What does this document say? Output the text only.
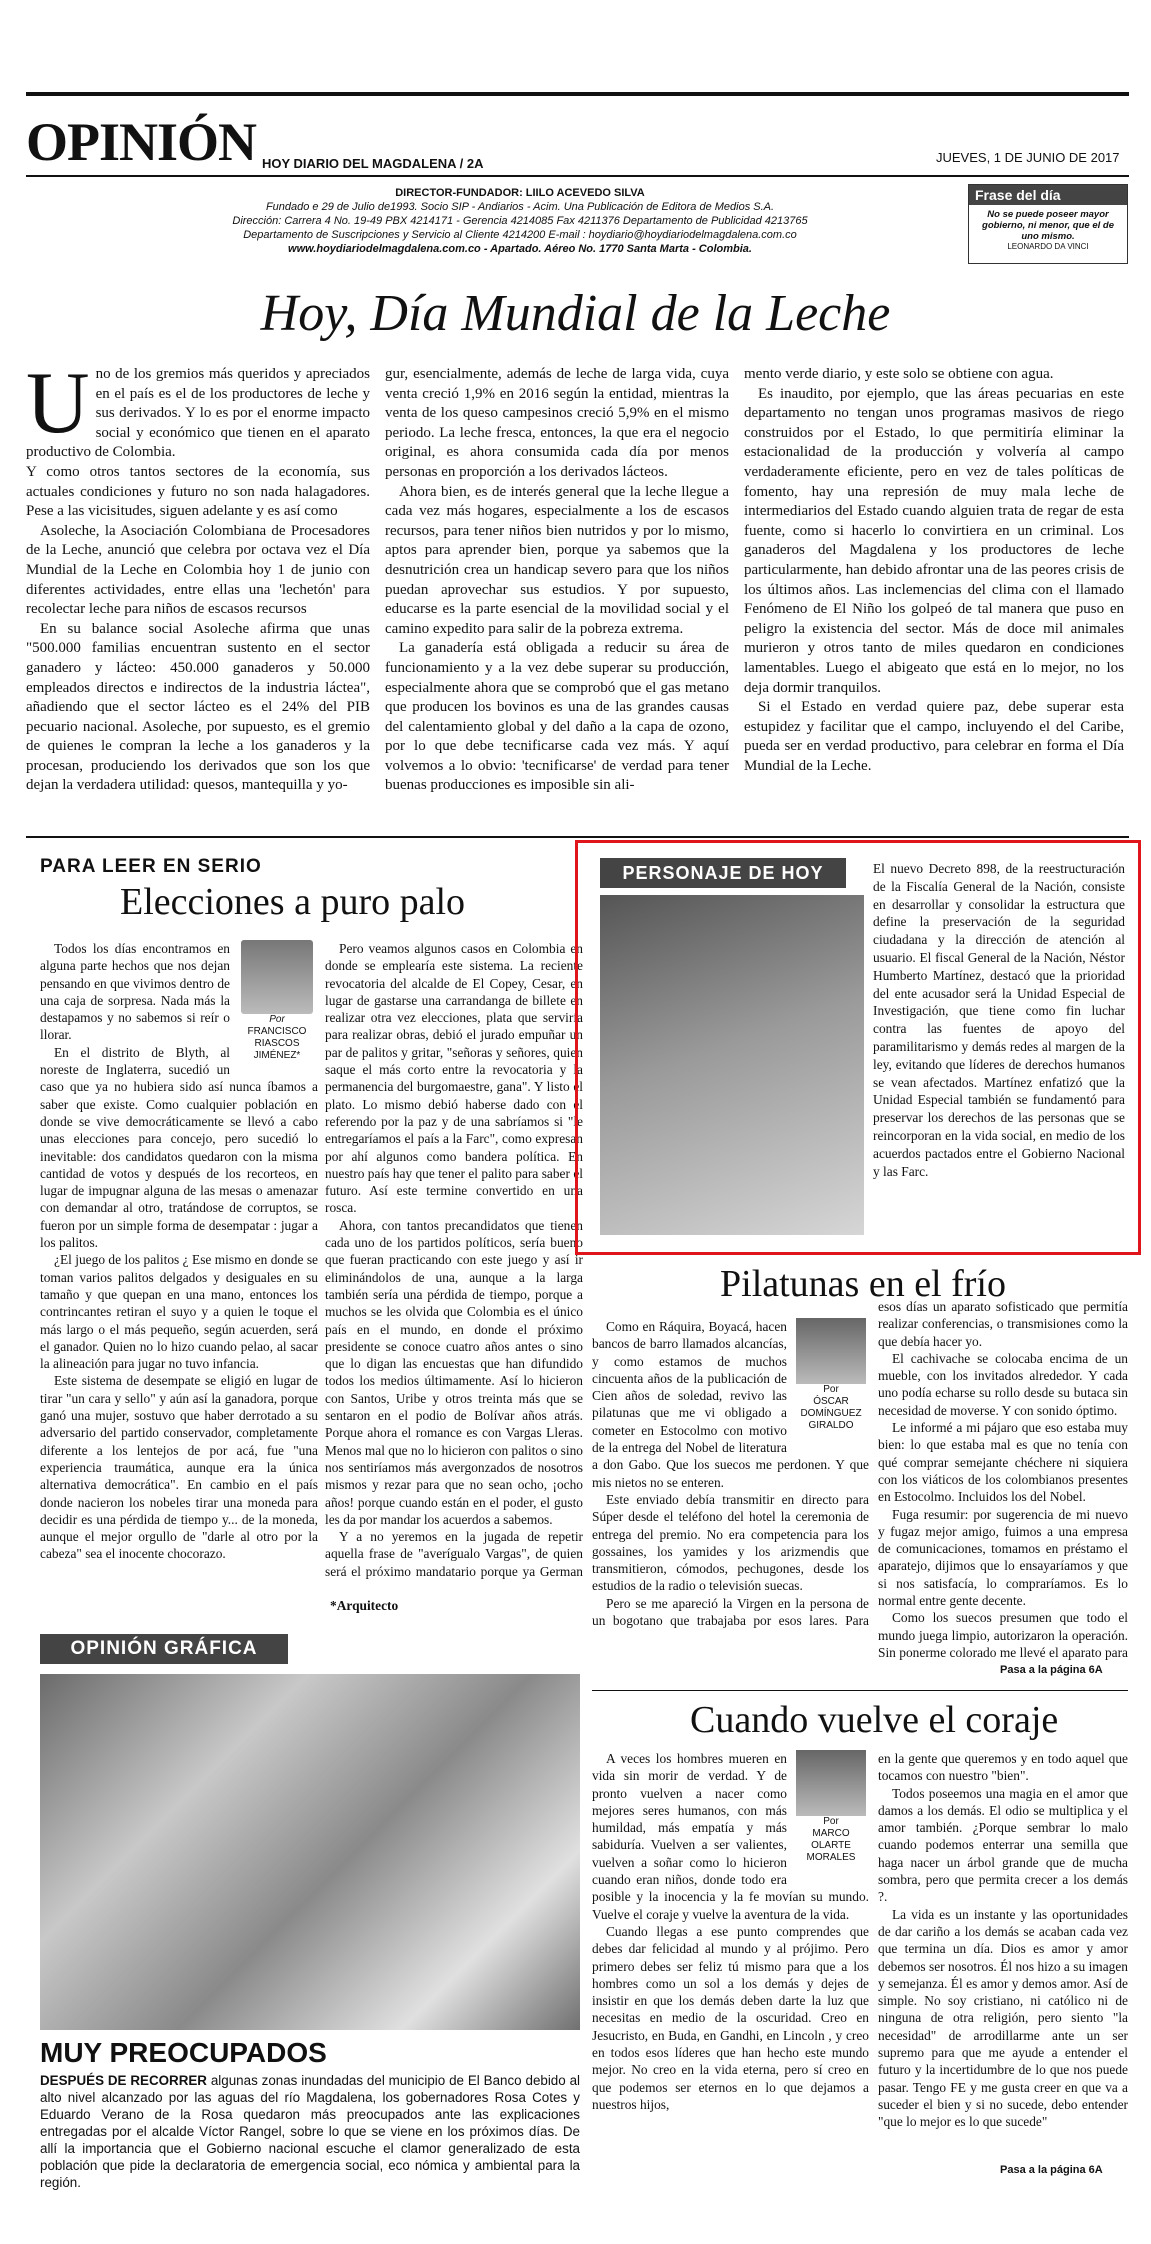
OPINIÓN HOY DIARIO DEL MAGDALENA / 2A	JUEVES, 1 DE JUNIO DE 2017
DIRECTOR-FUNDADOR: LIILO ACEVEDO SILVA
Fundado e 29 de Julio de1993. Socio SIP - Andiarios - Acim. Una Publicación de Editora de Medios S.A.
Dirección: Carrera 4 No. 19-49 PBX 4214171 - Gerencia 4214085 Fax 4211376 Departamento de Publicidad 4213765
Departamento de Suscripciones y Servicio al Cliente 4214200 E-mail : hoydiario@hoydiariodelmagdalena.com.co
www.hoydiariodelmagdalena.com.co - Apartado. Aéreo No. 1770 Santa Marta - Colombia.
Frase del día
No se puede poseer mayor gobierno, ni menor, que el de uno mismo.
LEONARDO DA VINCI
Hoy, Día Mundial de la Leche
U no de los gremios más queridos y apreciados en el país es el de los productores de leche y sus derivados. Y lo es por el enorme impacto social y económico que tienen en el aparato productivo de Colombia.

Y como otros tantos sectores de la economía, sus actuales condiciones y futuro no son nada halagadores. Pese a las vicisitudes, siguen adelante y es así como

Asoleche, la Asociación Colombiana de Procesadores de la Leche, anunció que celebra por octava vez el Día Mundial de la Leche en Colombia hoy 1 de junio con diferentes actividades, entre ellas una 'lechetón' para recolectar leche para niños de escasos recursos

En su balance social Asoleche afirma que unas "500.000 familias encuentran sustento en el sector ganadero y lácteo: 450.000 ganaderos y 50.000 empleados directos e indirectos de la industria láctea", añadiendo que el sector lácteo es el 24% del PIB pecuario nacional. Asoleche, por supuesto, es el gremio de quienes le compran la leche a los ganaderos y la procesan, produciendo los derivados que son los que dejan la verdadera utilidad: quesos, mantequilla y yo-

gur, esencialmente, además de leche de larga vida, cuya venta creció 1,9% en 2016 según la entidad, mientras la venta de los queso campesinos creció 5,9% en el mismo periodo. La leche fresca, entonces, la que era el negocio original, es ahora consumida cada día por menos personas en proporción a los derivados lácteos.

Ahora bien, es de interés general que la leche llegue a cada vez más hogares, especialmente a los de escasos recursos, para tener niños bien nutridos y por lo mismo, aptos para aprender bien, porque ya sabemos que la desnutrición crea un handicap severo para que los niños puedan aprovechar sus estudios. Y por supuesto, educarse es la parte esencial de la movilidad social y el camino expedito para salir de la pobreza extrema.

La ganadería está obligada a reducir su área de funcionamiento y a la vez debe superar su producción, especialmente ahora que se comprobó que el gas metano que producen los bovinos es una de las grandes causas del calentamiento global y del daño a la capa de ozono, por lo que debe tecnificarse cada vez más. Y aquí volvemos a lo obvio: 'tecnificarse' de verdad para tener buenas producciones es imposible sin ali-

mento verde diario, y este solo se obtiene con agua.

Es inaudito, por ejemplo, que las áreas pecuarias en este departamento no tengan unos programas masivos de riego construidos por el Estado, lo que permitiría eliminar la estacionalidad de la producción y volvería al campo verdaderamente eficiente, pero en vez de tales políticas de fomento, hay una represión de muy mala leche de intermediarios del Estado cuando alguien trata de regar de esta fuente, como si hacerlo lo convirtiera en un criminal. Los ganaderos del Magdalena y los productores de leche particularmente, han debido afrontar una de las peores crisis de los últimos años. Las inclemencias del clima con el llamado Fenómeno de El Niño los golpeó de tal manera que puso en peligro la existencia del sector. Más de doce mil animales murieron y otros tanto de miles quedaron en condiciones lamentables. Luego el abigeato que está en lo mejor, no los deja dormir tranquilos.

Si el Estado en verdad quiere paz, debe superar esta estupidez y facilitar que el campo, incluyendo el del Caribe, pueda ser en verdad productivo, para celebrar en forma el Día Mundial de la Leche.

PARA LEER EN SERIO
Elecciones a puro palo
Por
FRANCISCO RIASCOS JIMÉNEZ*

Todos los días encontramos en alguna parte hechos que nos dejan pensando en que vivimos dentro de una caja de sorpresa. Nada más la destapamos y no sabemos si reír o llorar.

En el distrito de Blyth, al noreste de Inglaterra, sucedió un caso que ya no hubiera sido así nunca íbamos a saber que existe. Como cualquier población en donde se vive democráticamente se llevó a cabo unas elecciones para concejo, pero sucedió lo inevitable: dos candidatos quedaron con la misma cantidad de votos y después de los recorteos, en lugar de impugnar alguna de las mesas o amenazar con demandar al otro, tratándose de corruptos, se fueron por un simple forma de desempatar : jugar a los palitos.

¿El juego de los palitos ¿ Ese mismo en donde se toman varios palitos delgados y desiguales en su tamaño y que quepan en una mano, entonces los contrincantes retiran el suyo y a quien le toque el más largo o el más pequeño, según acuerden, será el ganador. Quien no lo hizo cuando pelao, al sacar la alineación para jugar no tuvo infancia.

Este sistema de desempate se eligió en lugar de tirar "un cara y sello" y aún así la ganadora, porque ganó una mujer, sostuvo que haber derrotado a su adversario del partido conservador, completamente diferente a los lentejos de por acá, fue "una experiencia traumática, aunque era la única alternativa democrática". En cambio en el país donde nacieron los nobeles tirar una moneda para decidir es una pérdida de tiempo y... de la moneda, aunque el mejor orgullo de "darle al otro por la cabeza" sea el inocente chocorazo.

Pero veamos algunos casos en Colombia en donde se emplearía este sistema. La reciente revocatoria del alcalde de El Copey, Cesar, en lugar de gastarse una carrandanga de billete en realizar otra vez elecciones, plata que serviría para realizar obras, debió el jurado empuñar un par de palitos y gritar, "señoras y señores, quien saque el más corto entre la revocatoria y la permanencia del burgomaestre, gana". Y listo el plato. Lo mismo debió haberse dado con el referendo por la paz y de una sabríamos si "le entregaríamos el país a la Farc", como expresan por ahí algunos como bandera política. En nuestro país hay que tener el palito para saber el futuro. Así este termine convertido en una rosca.

Ahora, con tantos precandidatos que tienen cada uno de los partidos políticos, sería bueno que fueran practicando con este juego y así ir eliminándolos de una, aunque a la larga también sería una pérdida de tiempo, porque a muchos se les olvida que Colombia es el único país en el mundo, en donde el próximo presidente se conoce cuatro años antes o sino que lo digan las encuestas que han difundido todos los medios últimamente. Así lo hicieron con Santos, Uribe y otros treinta más que se sentaron en el podio de Bolívar años atrás. Porque ahora el romance es con Vargas Lleras. Menos mal que no lo hicieron con palitos o sino nos sentiríamos más avergonzados de nosotros mismos y rezar para que no sean ocho, ¡ocho años! porque cuando están en el poder, el gusto les da por mandar los acuerdos a sabemos.

Y a no yeremos en la jugada de repetir aquella frase de "averígualo Vargas", de quien será el próximo mandatario porque ya German

*Arquitecto
PERSONAJE DE HOY	El nuevo Decreto 898, de la reestructuración de la Fiscalía General de la Nación, consiste en desarrollar y consolidar la estructura que define la preservación de la seguridad ciudadana y la dirección de atención al usuario. El fiscal General de la Nación, Néstor Humberto Martínez, destacó que la prioridad del ente acusador será la Unidad Especial de Investigación, que tiene como fin luchar contra las fuentes de apoyo del paramilitarismo y demás redes al margen de la ley, evitando que líderes de derechos humanos se vean afectados. Martínez enfatizó que la Unidad Especial también se fundamentó para preservar los derechos de las personas que se reincorporan en la vida social, en medio de los acuerdos pactados entre el Gobierno Nacional y las Farc.

Pilatunas en el frío
Por
ÓSCAR DOMÍNGUEZ GIRALDO

Como en Ráquira, Boyacá, hacen bancos de barro llamados alcancías, y como estamos de muchos cincuenta años de la publicación de Cien años de soledad, revivo las pilatunas que me vi obligado a cometer en Estocolmo con motivo de la entrega del Nobel de literatura a don Gabo. Que los suecos me perdonen. Y que mis nietos no se enteren.

Este enviado debía transmitir en directo para Súper desde el teléfono del hotel la ceremonia de entrega del premio. No era competencia para los gossaines, los yamides y los arizmendis que transmitieron, cómodos, pechugones, desde los estudios de la radio o televisión suecas.

Pero se me apareció la Virgen en la persona de un bogotano que trabajaba por esos lares. Para

esos días un aparato sofisticado que permitía realizar conferencias, o transmisiones como la que debía hacer yo.

El cachivache se colocaba encima de un mueble, con los invitados alrededor. Y cada uno podía echarse su rollo desde su butaca sin necesidad de moverse. Y con sonido óptimo.

Le informé a mi pájaro que eso estaba muy bien: lo que estaba mal es que no tenía con qué comprar semejante chéchere ni siquiera con los viáticos de los colombianos presentes en Estocolmo. Incluidos los del Nobel.

Fuga resumir: por sugerencia de mi nuevo y fugaz mejor amigo, fuimos a una empresa de comunicaciones, tomamos en préstamo el aparatejo, dijimos que lo ensayaríamos y que si nos satisfacía, lo compraríamos. Es lo normal entre gente decente.

Como los suecos presumen que todo el mundo juega limpio, autorizaron la operación. Sin ponerme colorado me llevé el aparato para

Pasa a la página 6A
OPINIÓN GRÁFICA
MUY PREOCUPADOS
DESPUÉS DE RECORRER algunas zonas inundadas del municipio de El Banco debido al alto nivel alcanzado por las aguas del río Magdalena, los gobernadores Rosa Cotes y Eduardo Verano de la Rosa quedaron más preocupados ante las explicaciones entregadas por el alcalde Víctor Rangel, sobre lo que se viene en los próximos días. De allí la importancia que el Gobierno nacional escuche el clamor generalizado de esta población que pide la declaratoria de emergencia social, eco nómica y ambiental para la región.
Cuando vuelve el coraje
Por
MARCO OLARTE MORALES

A veces los hombres mueren en vida sin morir de verdad. Y de pronto vuelven a nacer como mejores seres humanos, con más humildad, más empatía y más sabiduría. Vuelven a ser valientes, vuelven a soñar como lo hicieron cuando eran niños, donde todo era posible y la inocencia y la fe movían su mundo. Vuelve el coraje y vuelve la aventura de la vida.

Cuando llegas a ese punto comprendes que debes dar felicidad al mundo y al prójimo. Pero primero debes ser feliz tú mismo para que a los hombres como un sol a los demás y dejes de insistir en que los demás deben darte la luz que necesitas en medio de la oscuridad. Creo en Jesucristo, en Buda, en Gandhi, en Lincoln , y creo en todos esos líderes que han hecho este mundo mejor. No creo en la vida eterna, pero sí creo en que podemos ser eternos en lo que dejamos a nuestros hijos,

en la gente que queremos y en todo aquel que tocamos con nuestro "bien".

Todos poseemos una magia en el amor que damos a los demás. El odio se multiplica y el amor también. ¿Porque sembrar lo malo cuando podemos enterrar una semilla que haga nacer un árbol grande que de mucha sombra, pero que permita crecer a los demás ?.

La vida es un instante y las oportunidades de dar cariño a los demás se acaban cada vez que termina un día. Dios es amor y amor debemos ser nosotros. Él nos hizo a su imagen y semejanza. Él es amor y demos amor. Así de simple. No soy cristiano, ni católico ni de ninguna de otra religión, pero siento "la necesidad" de arrodillarme ante un ser supremo para que me ayude a entender el futuro y la incertidumbre de lo que nos puede pasar. Tengo FE y me gusta creer en que va a suceder el bien y si no sucede, debo entender "que lo mejor es lo que sucede"

Pasa a la página 6A
